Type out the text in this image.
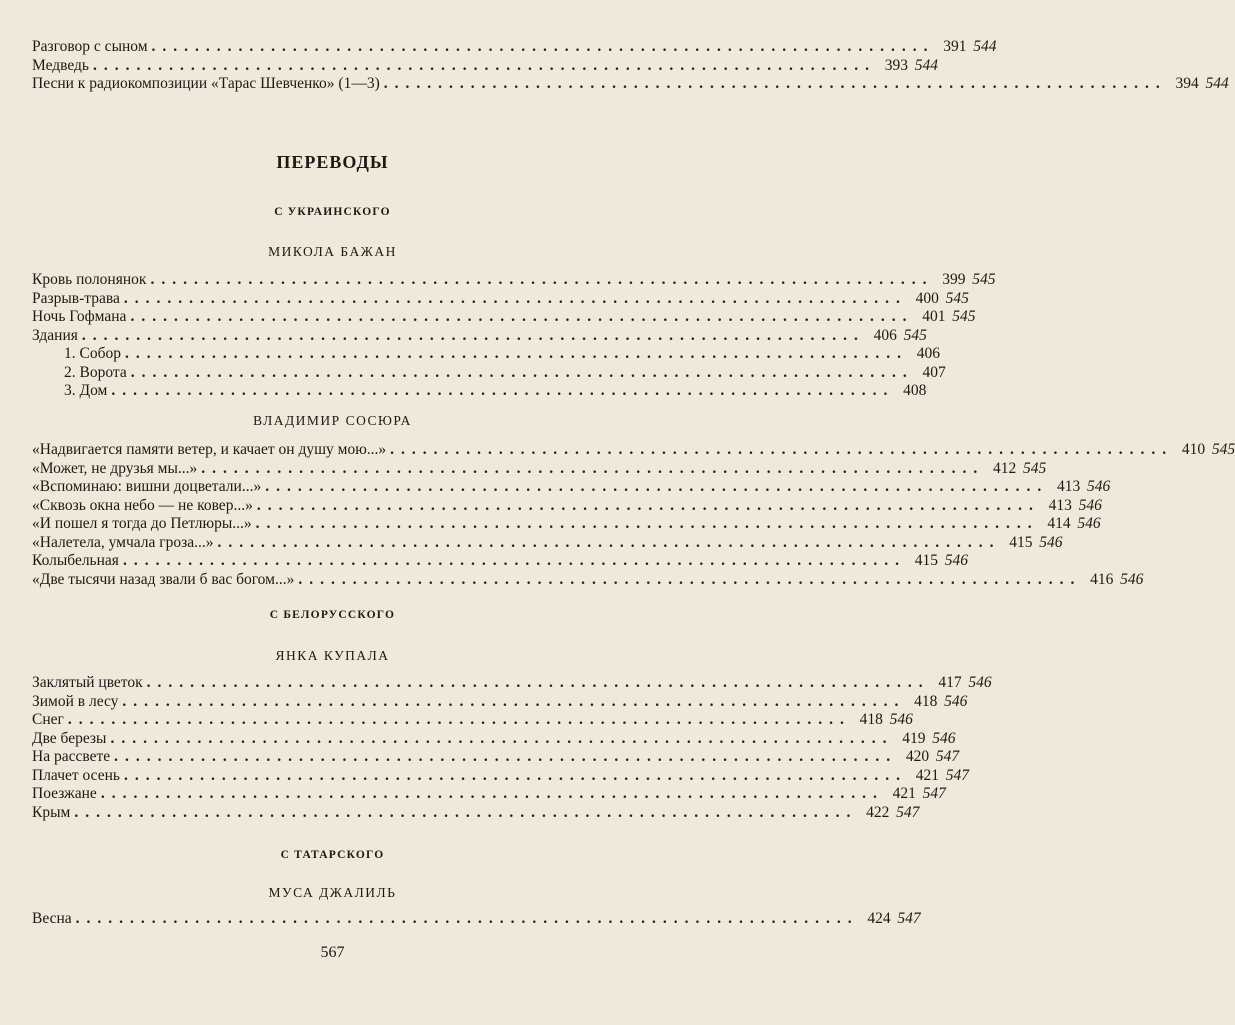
Разговор с сыном ........................................................................ 391 544
Медведь ........................................................................ 393 544
Песни к радиокомпозиции «Тарас Шевченко» (1—3) ........................................................................ 394 544
ПЕРЕВОДЫ
С УКРАИНСКОГО
МИКОЛА БАЖАН
Кровь полонянок ........................................................................ 399 545
Разрыв-трава ........................................................................ 400 545
Ночь Гофмана ........................................................................ 401 545
Здания ........................................................................ 406 545
1. Собор ........................................................................ 406
2. Ворота ........................................................................ 407
3. Дом ........................................................................ 408
ВЛАДИМИР СОСЮРА
«Надвигается памяти ветер, и качает он душу мою...» ........................................................................ 410 545
«Может, не друзья мы...» ........................................................................ 412 545
«Вспоминаю: вишни доцветали...» ........................................................................ 413 546
«Сквозь окна небо — не ковер...» ........................................................................ 413 546
«И пошел я тогда до Петлюры...» ........................................................................ 414 546
«Налетела, умчала гроза...» ........................................................................ 415 546
Колыбельная ........................................................................ 415 546
«Две тысячи назад звали б вас богом...» ........................................................................ 416 546
С БЕЛОРУССКОГО
ЯНКА КУПАЛА
Заклятый цветок ........................................................................ 417 546
Зимой в лесу ........................................................................ 418 546
Снег ........................................................................ 418 546
Две березы ........................................................................ 419 546
На рассвете ........................................................................ 420 547
Плачет осень ........................................................................ 421 547
Поезжане ........................................................................ 421 547
Крым ........................................................................ 422 547
С ТАТАРСКОГО
МУСА ДЖАЛИЛЬ
Весна ........................................................................ 424 547
567
